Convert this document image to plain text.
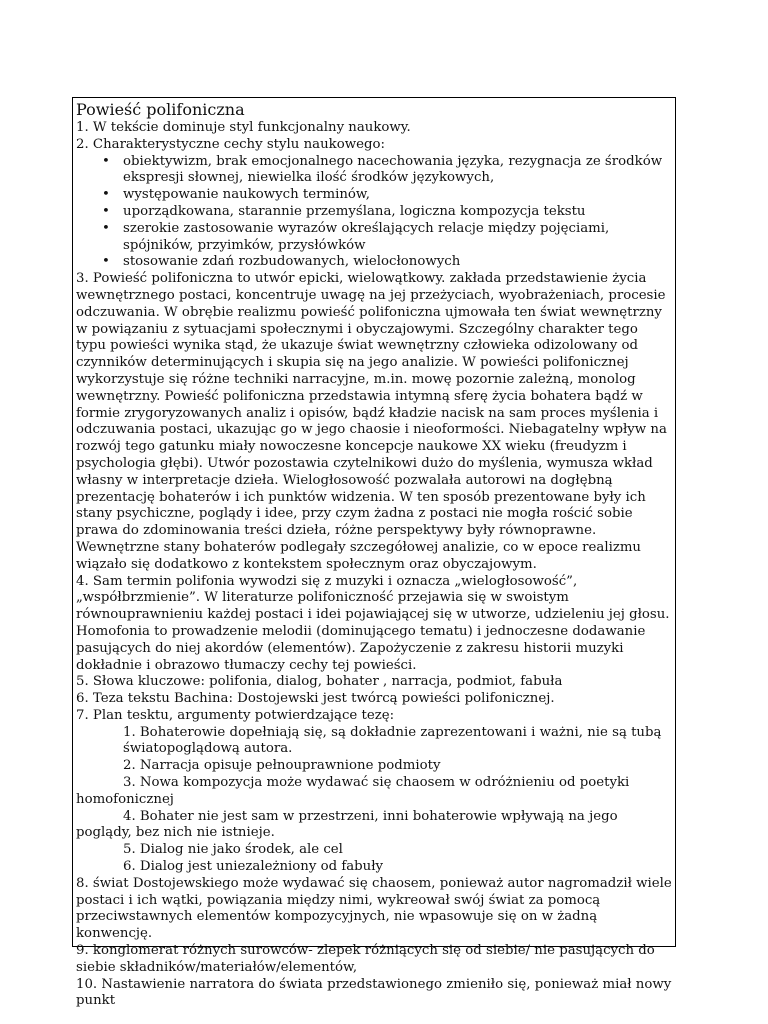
Powieść polifoniczna

1. W tekście dominuje styl funkcjonalny naukowy.

2. Charakterystyczne cechy stylu naukowego:

• obiektywizm, brak emocjonalnego nacechowania języka, rezygnacja ze środków ekspresji słownej, niewielka ilość środków językowych,
• występowanie naukowych terminów,
• uporządkowana, starannie przemyślana, logiczna kompozycja tekstu
• szerokie zastosowanie wyrazów określających relacje między pojęciami, spójników, przyimków, przysłówków
• stosowanie zdań rozbudowanych, wielocłonowych

3. Powieść polifoniczna to utwór epicki, wielowątkowy. zakłada przedstawienie życia wewnętrznego postaci, koncentruje uwagę na jej przeżyciach, wyobrażeniach, procesie odczuwania. W obrębie realizmu powieść polifoniczna ujmowała ten świat wewnętrzny w powiązaniu z sytuacjami społecznymi i obyczajowymi. Szczególny charakter tego typu powieści wynika stąd, że ukazuje świat wewnętrzny człowieka odizolowany od czynników determinujących i skupia się na jego analizie. W powieści polifonicznej wykorzystuje się różne techniki narracyjne, m.in. mowę pozornie zależną, monolog wewnętrzny. Powieść polifoniczna przedstawia intymną sferę życia bohatera bądź w formie zrygoryzowanych analiz i opisów, bądź kładzie nacisk na sam proces myślenia i odczuwania postaci, ukazując go w jego chaosie i nieoformości. Niebagatelny wpływ na rozwój tego gatunku miały nowoczesne koncepcje naukowe XX wieku (freudyzm i psychologia głębi). Utwór pozostawia czytelnikowi dużo do myślenia, wymusza wkład własny w interpretacje dzieła. Wielogłosowość pozwalała autorowi na dogłębną prezentację bohaterów i ich punktów widzenia. W ten sposób prezentowane były ich stany psychiczne, poglądy i idee, przy czym żadna z postaci nie mogła rościć sobie prawa do zdominowania treści dzieła, różne perspektywy były równoprawne. Wewnętrzne stany bohaterów podlegały szczegółowej analizie, co w epoce realizmu wiązało się dodatkowo z kontekstem społecznym oraz obyczajowym.

4. Sam termin polifonia wywodzi się z muzyki i oznacza „wielogłosowość”, „współbrzmienie”. W literaturze polifoniczność przejawia się w swoistym równouprawnieniu każdej postaci i idei pojawiającej się w utworze, udzieleniu jej głosu. Homofonia to prowadzenie melodii (dominującego tematu) i jednoczesne dodawanie pasujących do niej akordów (elementów). Zapożyczenie z zakresu historii muzyki dokładnie i obrazowo tłumaczy cechy tej powieści.

5. Słowa kluczowe: polifonia, dialog, bohater , narracja, podmiot, fabuła

6. Teza tekstu Bachina: Dostojewski jest twórcą powieści polifonicznej.

7. Plan tesktu, argumenty potwierdzające tezę:

1. Bohaterowie dopełniają się, są dokładnie zaprezentowani i ważni, nie są tubą światopoglądową autora.
2. Narracja opisuje pełnouprawnione podmioty
3. Nowa kompozycja może wydawać się chaosem w odróżnieniu od poetyki homofonicznej
4. Bohater nie jest sam w przestrzeni, inni bohaterowie wpływają na jego poglądy, bez nich nie istnieje.
5. Dialog nie jako środek, ale cel
6. Dialog jest uniezależniony od fabuły

8. świat Dostojewskiego może wydawać się chaosem, ponieważ autor nagromadził wiele postaci i ich wątki, powiązania między nimi, wykreował swój świat za pomocą przeciwstawnych elementów kompozycyjnych, nie wpasowuje się on w żadną konwencję.

9. konglomerat różnych surowców- zlepek różniących się od siebie/ nie pasujących do siebie składników/materiałów/elementów,

10. Nastawienie narratora do świata przedstawionego zmieniło się, ponieważ miał nowy punkt
